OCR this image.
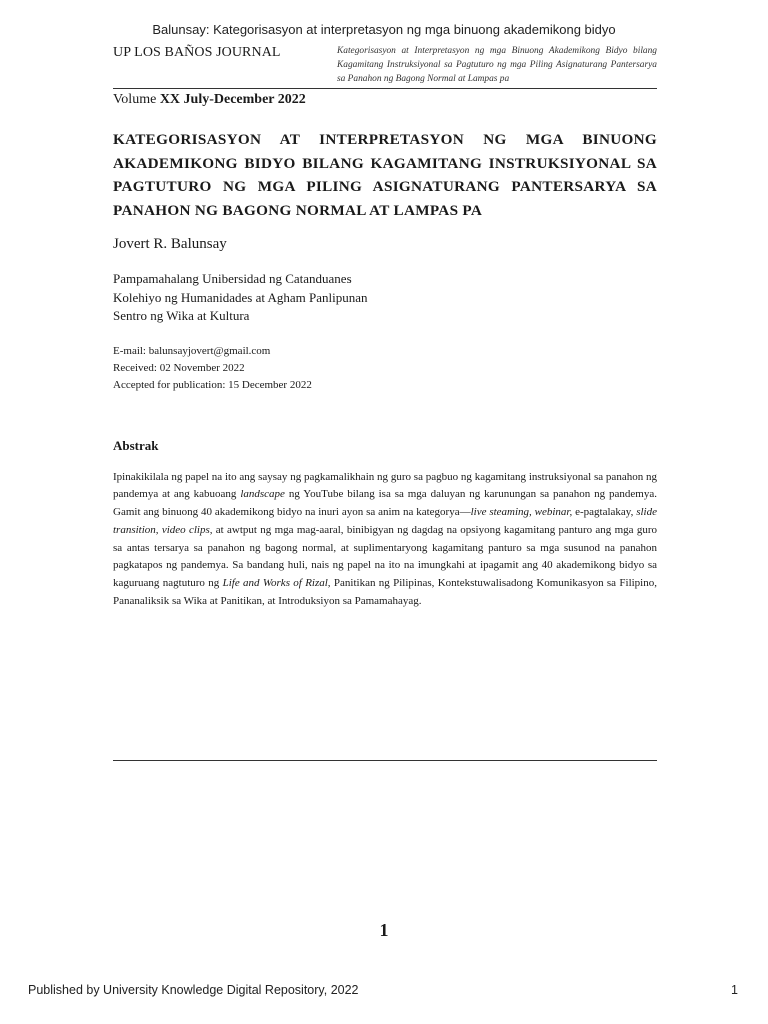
Balunsay: Kategorisasyon at interpretasyon ng mga binuong akademikong bidyo
UP LOS BAÑOS JOURNAL	Kategorisasyon at Interpretasyon ng mga Binuong Akademikong Bidyo bilang Kagamitang Instruksiyonal sa Pagtuturo ng mga Piling Asignaturang Pantersarya sa Panahon ng Bagong Normal at Lampas pa
Volume XX July-December 2022
KATEGORISASYON AT INTERPRETASYON NG MGA BINUONG AKADEMIKONG BIDYO BILANG KAGAMITANG INSTRUKSIYONAL SA PAGTUTURO NG MGA PILING ASIGNATURANG PANTERSARYA SA PANAHON NG BAGONG NORMAL AT LAMPAS PA
Jovert R. Balunsay
Pampamahalang Unibersidad ng Catanduanes
Kolehiyo ng Humanidades at Agham Panlipunan
Sentro ng Wika at Kultura
E-mail: balunsayjovert@gmail.com
Received: 02 November 2022
Accepted for publication: 15 December 2022
Abstrak

Ipinakikilala ng papel na ito ang saysay ng pagkamalikhain ng guro sa pagbuo ng kagamitang instruksiyonal sa panahon ng pandemya at ang kabuoang landscape ng YouTube bilang isa sa mga daluyan ng karunungan sa panahon ng pandemya. Gamit ang binuong 40 akademikong bidyo na inuri ayon sa anim na kategorya—live steaming, webinar, e-pagtalakay, slide transition, video clips, at awtput ng mga mag-aaral, binibigyan ng dagdag na opsiyong kagamitang panturo ang mga guro sa antas tersarya sa panahon ng bagong normal, at suplimentaryong kagamitang panturo sa mga susunod na panahon pagkatapos ng pandemya. Sa bandang huli, nais ng papel na ito na imungkahi at ipagamit ang 40 akademikong bidyo sa kaguruang nagtuturo ng Life and Works of Rizal, Panitikan ng Pilipinas, Kontekstuwalisadong Komunikasyon sa Filipino, Pananaliksik sa Wika at Panitikan, at Introduksiyon sa Pamamahayag.

1
Published by University Knowledge Digital Repository, 2022	1
